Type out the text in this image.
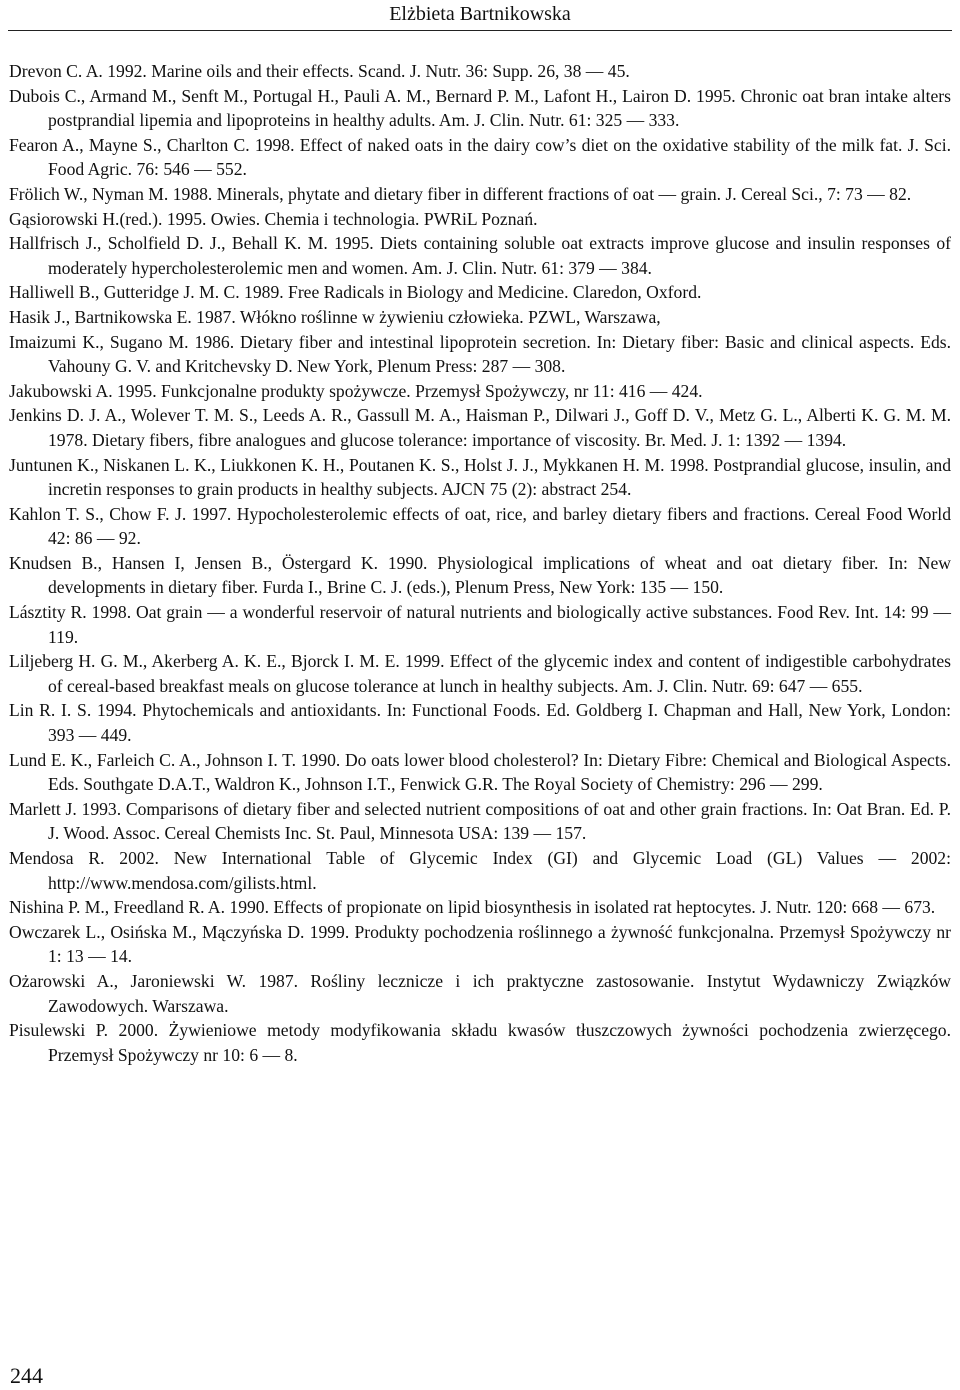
Elżbieta Bartnikowska
Drevon C. A. 1992. Marine oils and their effects. Scand. J. Nutr. 36: Supp. 26, 38 — 45.
Dubois C., Armand M., Senft M., Portugal H., Pauli A. M., Bernard P. M., Lafont H., Lairon D. 1995. Chronic oat bran intake alters postprandial lipemia and lipoproteins in healthy adults. Am. J. Clin. Nutr. 61: 325 — 333.
Fearon A., Mayne S., Charlton C. 1998. Effect of naked oats in the dairy cow’s diet on the oxidative stability of the milk fat. J. Sci. Food Agric. 76: 546 — 552.
Frölich W., Nyman M. 1988. Minerals, phytate and dietary fiber in different fractions of oat — grain. J. Cereal Sci., 7: 73 — 82.
Gąsiorowski H.(red.). 1995. Owies. Chemia i technologia. PWRiL Poznań.
Hallfrisch J., Scholfield D. J., Behall K. M. 1995. Diets containing soluble oat extracts improve glucose and insulin responses of moderately hypercholesterolemic men and women. Am. J. Clin. Nutr. 61: 379 — 384.
Halliwell B., Gutteridge J. M. C. 1989. Free Radicals in Biology and Medicine. Claredon, Oxford.
Hasik J., Bartnikowska E. 1987. Włókno roślinne w żywieniu człowieka. PZWL, Warszawa,
Imaizumi K., Sugano M. 1986. Dietary fiber and intestinal lipoprotein secretion. In: Dietary fiber: Basic and clinical aspects. Eds. Vahouny G. V. and Kritchevsky D. New York, Plenum Press: 287 — 308.
Jakubowski A. 1995. Funkcjonalne produkty spożywcze. Przemysł Spożywczy, nr 11: 416 — 424.
Jenkins D. J. A., Wolever T. M. S., Leeds A. R., Gassull M. A., Haisman P., Dilwari J., Goff D. V., Metz G. L., Alberti K. G. M. M. 1978. Dietary fibers, fibre analogues and glucose tolerance: importance of viscosity. Br. Med. J. 1: 1392 — 1394.
Juntunen K., Niskanen L. K., Liukkonen K. H., Poutanen K. S., Holst J. J., Mykkanen H. M. 1998. Postprandial glucose, insulin, and incretin responses to grain products in healthy subjects. AJCN 75 (2): abstract 254.
Kahlon T. S., Chow F. J. 1997. Hypocholesterolemic effects of oat, rice, and barley dietary fibers and fractions. Cereal Food World 42: 86 — 92.
Knudsen B., Hansen I, Jensen B., Östergard K. 1990. Physiological implications of wheat and oat dietary fiber. In: New developments in dietary fiber. Furda I., Brine C. J. (eds.), Plenum Press, New York: 135 — 150.
Lásztity R. 1998. Oat grain — a wonderful reservoir of natural nutrients and biologically active substances. Food Rev. Int. 14: 99 — 119.
Liljeberg H. G. M., Akerberg A. K. E., Bjorck I. M. E. 1999. Effect of the glycemic index and content of indigestible carbohydrates of cereal-based breakfast meals on glucose tolerance at lunch in healthy subjects. Am. J. Clin. Nutr. 69: 647 — 655.
Lin R. I. S. 1994. Phytochemicals and antioxidants. In: Functional Foods. Ed. Goldberg I. Chapman and Hall, New York, London: 393 — 449.
Lund E. K., Farleich C. A., Johnson I. T. 1990. Do oats lower blood cholesterol? In: Dietary Fibre: Chemical and Biological Aspects. Eds. Southgate D.A.T., Waldron K., Johnson I.T., Fenwick G.R. The Royal Society of Chemistry: 296 — 299.
Marlett J. 1993. Comparisons of dietary fiber and selected nutrient compositions of oat and other grain fractions. In: Oat Bran. Ed. P. J. Wood. Assoc. Cereal Chemists Inc. St. Paul, Minnesota USA: 139 — 157.
Mendosa R. 2002. New International Table of Glycemic Index (GI) and Glycemic Load (GL) Values — 2002: http://www.mendosa.com/gilists.html.
Nishina P. M., Freedland R. A. 1990. Effects of propionate on lipid biosynthesis in isolated rat heptocytes. J. Nutr. 120: 668 — 673.
Owczarek L., Osińska M., Mączyńska D. 1999. Produkty pochodzenia roślinnego a żywność funkcjonalna. Przemysł Spożywczy nr 1: 13 — 14.
Ożarowski A., Jaroniewski W. 1987. Rośliny lecznicze i ich praktyczne zastosowanie. Instytut Wydawniczy Związków Zawodowych. Warszawa.
Pisulewski P. 2000. Żywieniowe metody modyfikowania składu kwasów tłuszczowych żywności pochodzenia zwierzęcego. Przemysł Spożywczy nr 10: 6 — 8.
244
